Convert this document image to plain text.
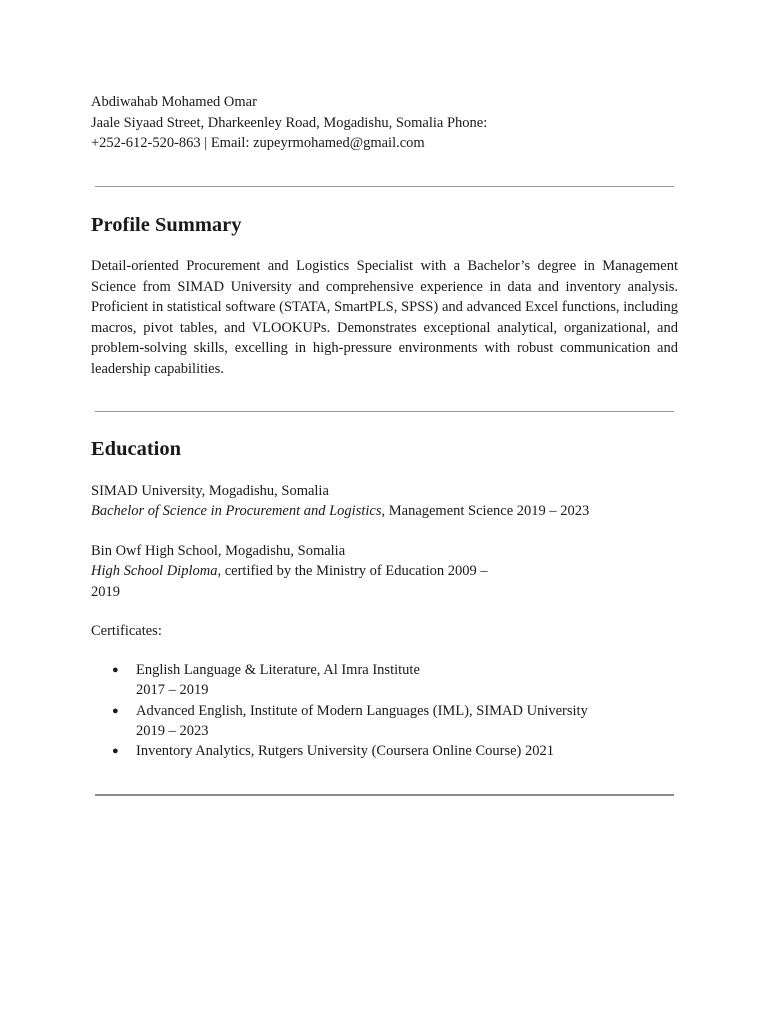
Abdiwahab Mohamed Omar
Jaale Siyaad Street, Dharkeenley Road, Mogadishu, Somalia Phone:
+252-612-520-863 | Email: zupeyrmohamed@gmail.com
Profile Summary

Detail-oriented Procurement and Logistics Specialist with a Bachelor’s degree in Management Science from SIMAD University and comprehensive experience in data and inventory analysis. Proficient in statistical software (STATA, SmartPLS, SPSS) and advanced Excel functions, including macros, pivot tables, and VLOOKUPs. Demonstrates exceptional analytical, organizational, and problem-solving skills, excelling in high-pressure environments with robust communication and leadership capabilities.

Education
SIMAD University, Mogadishu, Somalia
Bachelor of Science in Procurement and Logistics, Management Science 2019 – 2023
Bin Owf High School, Mogadishu, Somalia
High School Diploma, certified by the Ministry of Education 2009 –
2019
Certificates:
● English Language & Literature, Al Imra Institute
2017 – 2019
● Advanced English, Institute of Modern Languages (IML), SIMAD University
2019 – 2023
● Inventory Analytics, Rutgers University (Coursera Online Course) 2021
